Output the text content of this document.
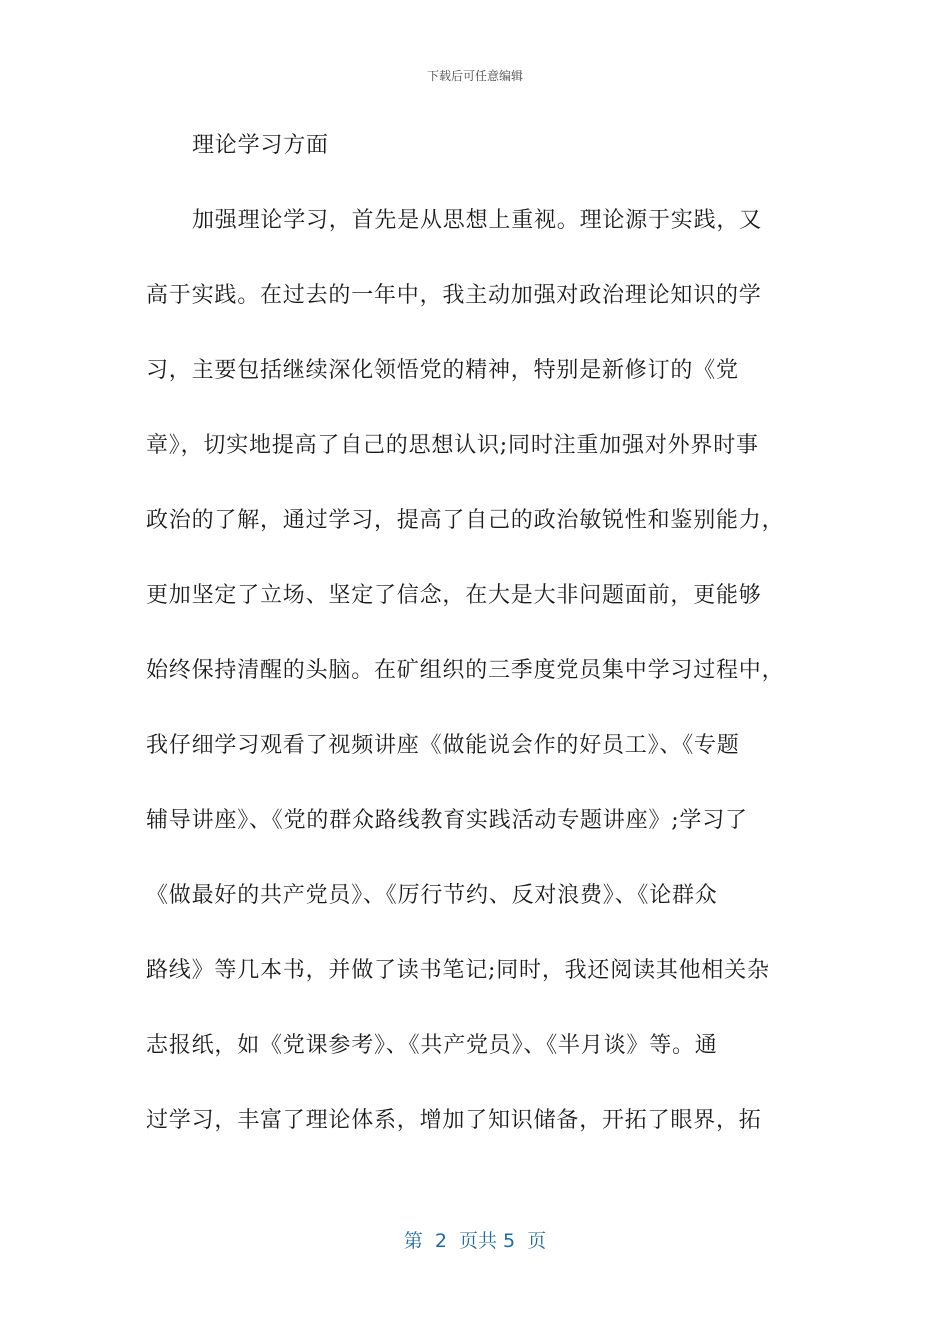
下载后可任意编辑
理论学习方面
加强理论学习，首先是从思想上重视。理论源于实践，又
高于实践。在过去的一年中，我主动加强对政治理论知识的学
习，主要包括继续深化领悟党的精神，特别是新修订的《党
章》，切实地提高了自己的思想认识;同时注重加强对外界时事
政治的了解，通过学习，提高了自己的政治敏锐性和鉴别能力，
更加坚定了立场、坚定了信念，在大是大非问题面前，更能够
始终保持清醒的头脑。在矿组织的三季度党员集中学习过程中，
我仔细学习观看了视频讲座《做能说会作的好员工》、《专题
辅导讲座》、《党的群众路线教育实践活动专题讲座》;学习了
《做最好的共产党员》、《厉行节约、反对浪费》、《论群众
路线》等几本书，并做了读书笔记;同时，我还阅读其他相关杂
志报纸，如《党课参考》、《共产党员》、《半月谈》等。通
过学习，丰富了理论体系，增加了知识储备，开拓了眼界，拓
第  2  页共 5  页
